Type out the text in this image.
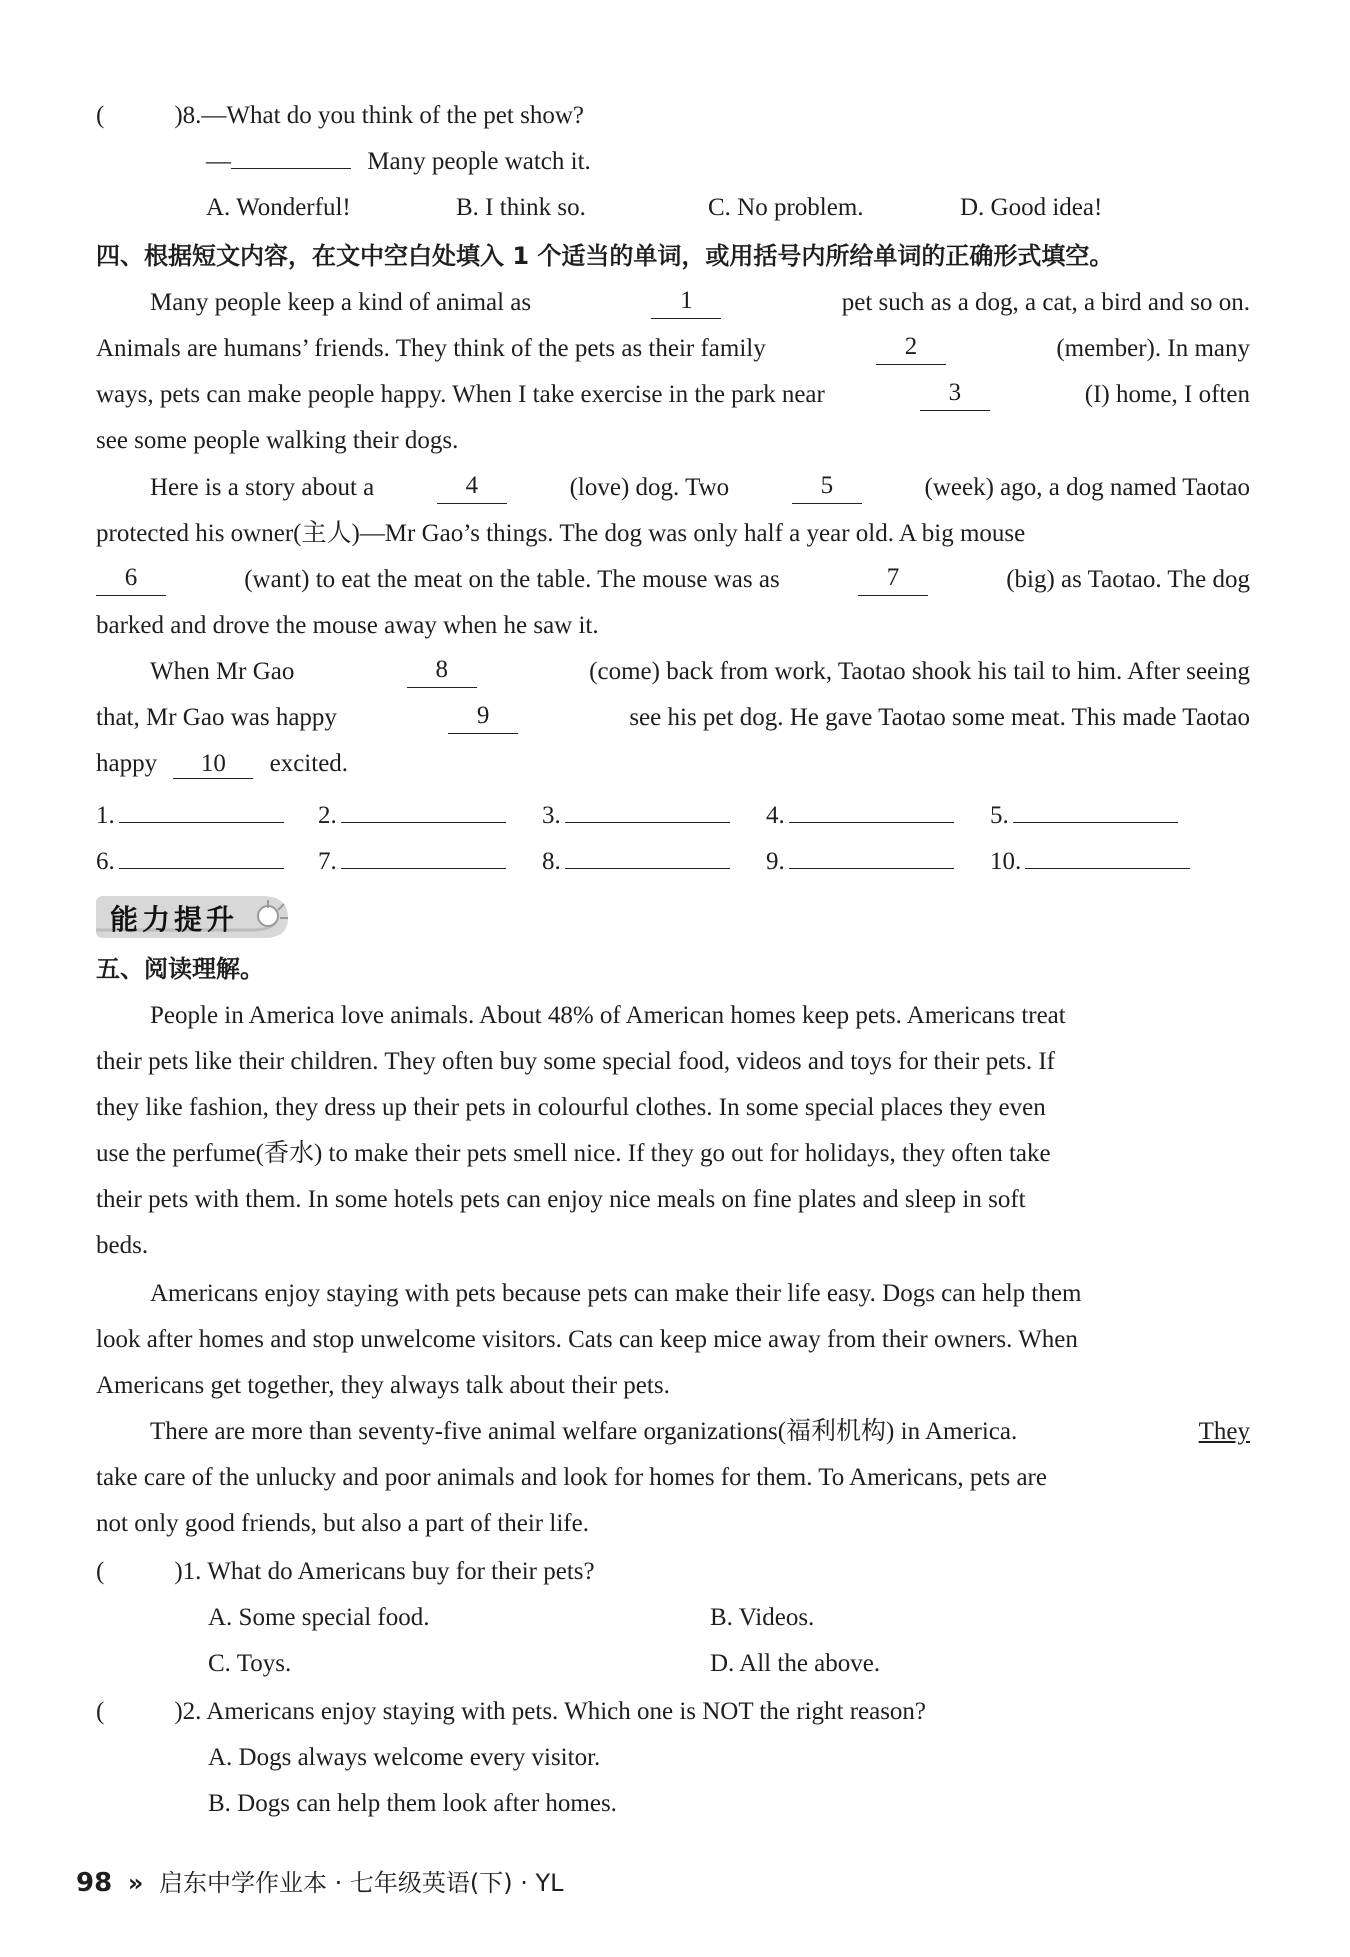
(	)8.—What do you think of the pet show?
—	Many people watch it.
A. Wonderful!	B. I think so.	C. No problem.	D. Good idea!
四、根据短文内容，在文中空白处填入 1 个适当的单词，或用括号内所给单词的正确形式填空。
Many people keep a kind of animal as	1	pet such as a dog, a cat, a bird and so on.
Animals are humans’ friends. They think of the pets as their family	2	(member). In many
ways, pets can make people happy. When I take exercise in the park near	3	(I) home, I often
see some people walking their dogs.
Here is a story about a	4	(love) dog. Two	5	(week) ago, a dog named Taotao
protected his owner(主人)—Mr Gao’s things. The dog was only half a year old. A big mouse
6	(want) to eat the meat on the table. The mouse was as	7	(big) as Taotao. The dog
barked and drove the mouse away when he saw it.
When Mr Gao	8	(come) back from work, Taotao shook his tail to him. After seeing
that, Mr Gao was happy	9	see his pet dog. He gave Taotao some meat. This made Taotao
happy 10 excited.
1.	2.	3.	4.	5.
6.	7.	8.	9.	10.
能力提升
五、阅读理解。
People in America love animals. About 48% of American homes keep pets. Americans treat
their pets like their children. They often buy some special food, videos and toys for their pets. If
they like fashion, they dress up their pets in colourful clothes. In some special places they even
use the perfume(香水) to make their pets smell nice. If they go out for holidays, they often take
their pets with them. In some hotels pets can enjoy nice meals on fine plates and sleep in soft
beds.
Americans enjoy staying with pets because pets can make their life easy. Dogs can help them
look after homes and stop unwelcome visitors. Cats can keep mice away from their owners. When
Americans get together, they always talk about their pets.
There are more than seventy-five animal welfare organizations(福利机构) in America.	They
take care of the unlucky and poor animals and look for homes for them. To Americans, pets are
not only good friends, but also a part of their life.
(	)1. What do Americans buy for their pets?
A. Some special food.	B. Videos.
C. Toys.	D. All the above.
(	)2. Americans enjoy staying with pets. Which one is NOT the right reason?
A. Dogs always welcome every visitor.
B. Dogs can help them look after homes.
98 » 启东中学作业本 · 七年级英语(下) · YL
